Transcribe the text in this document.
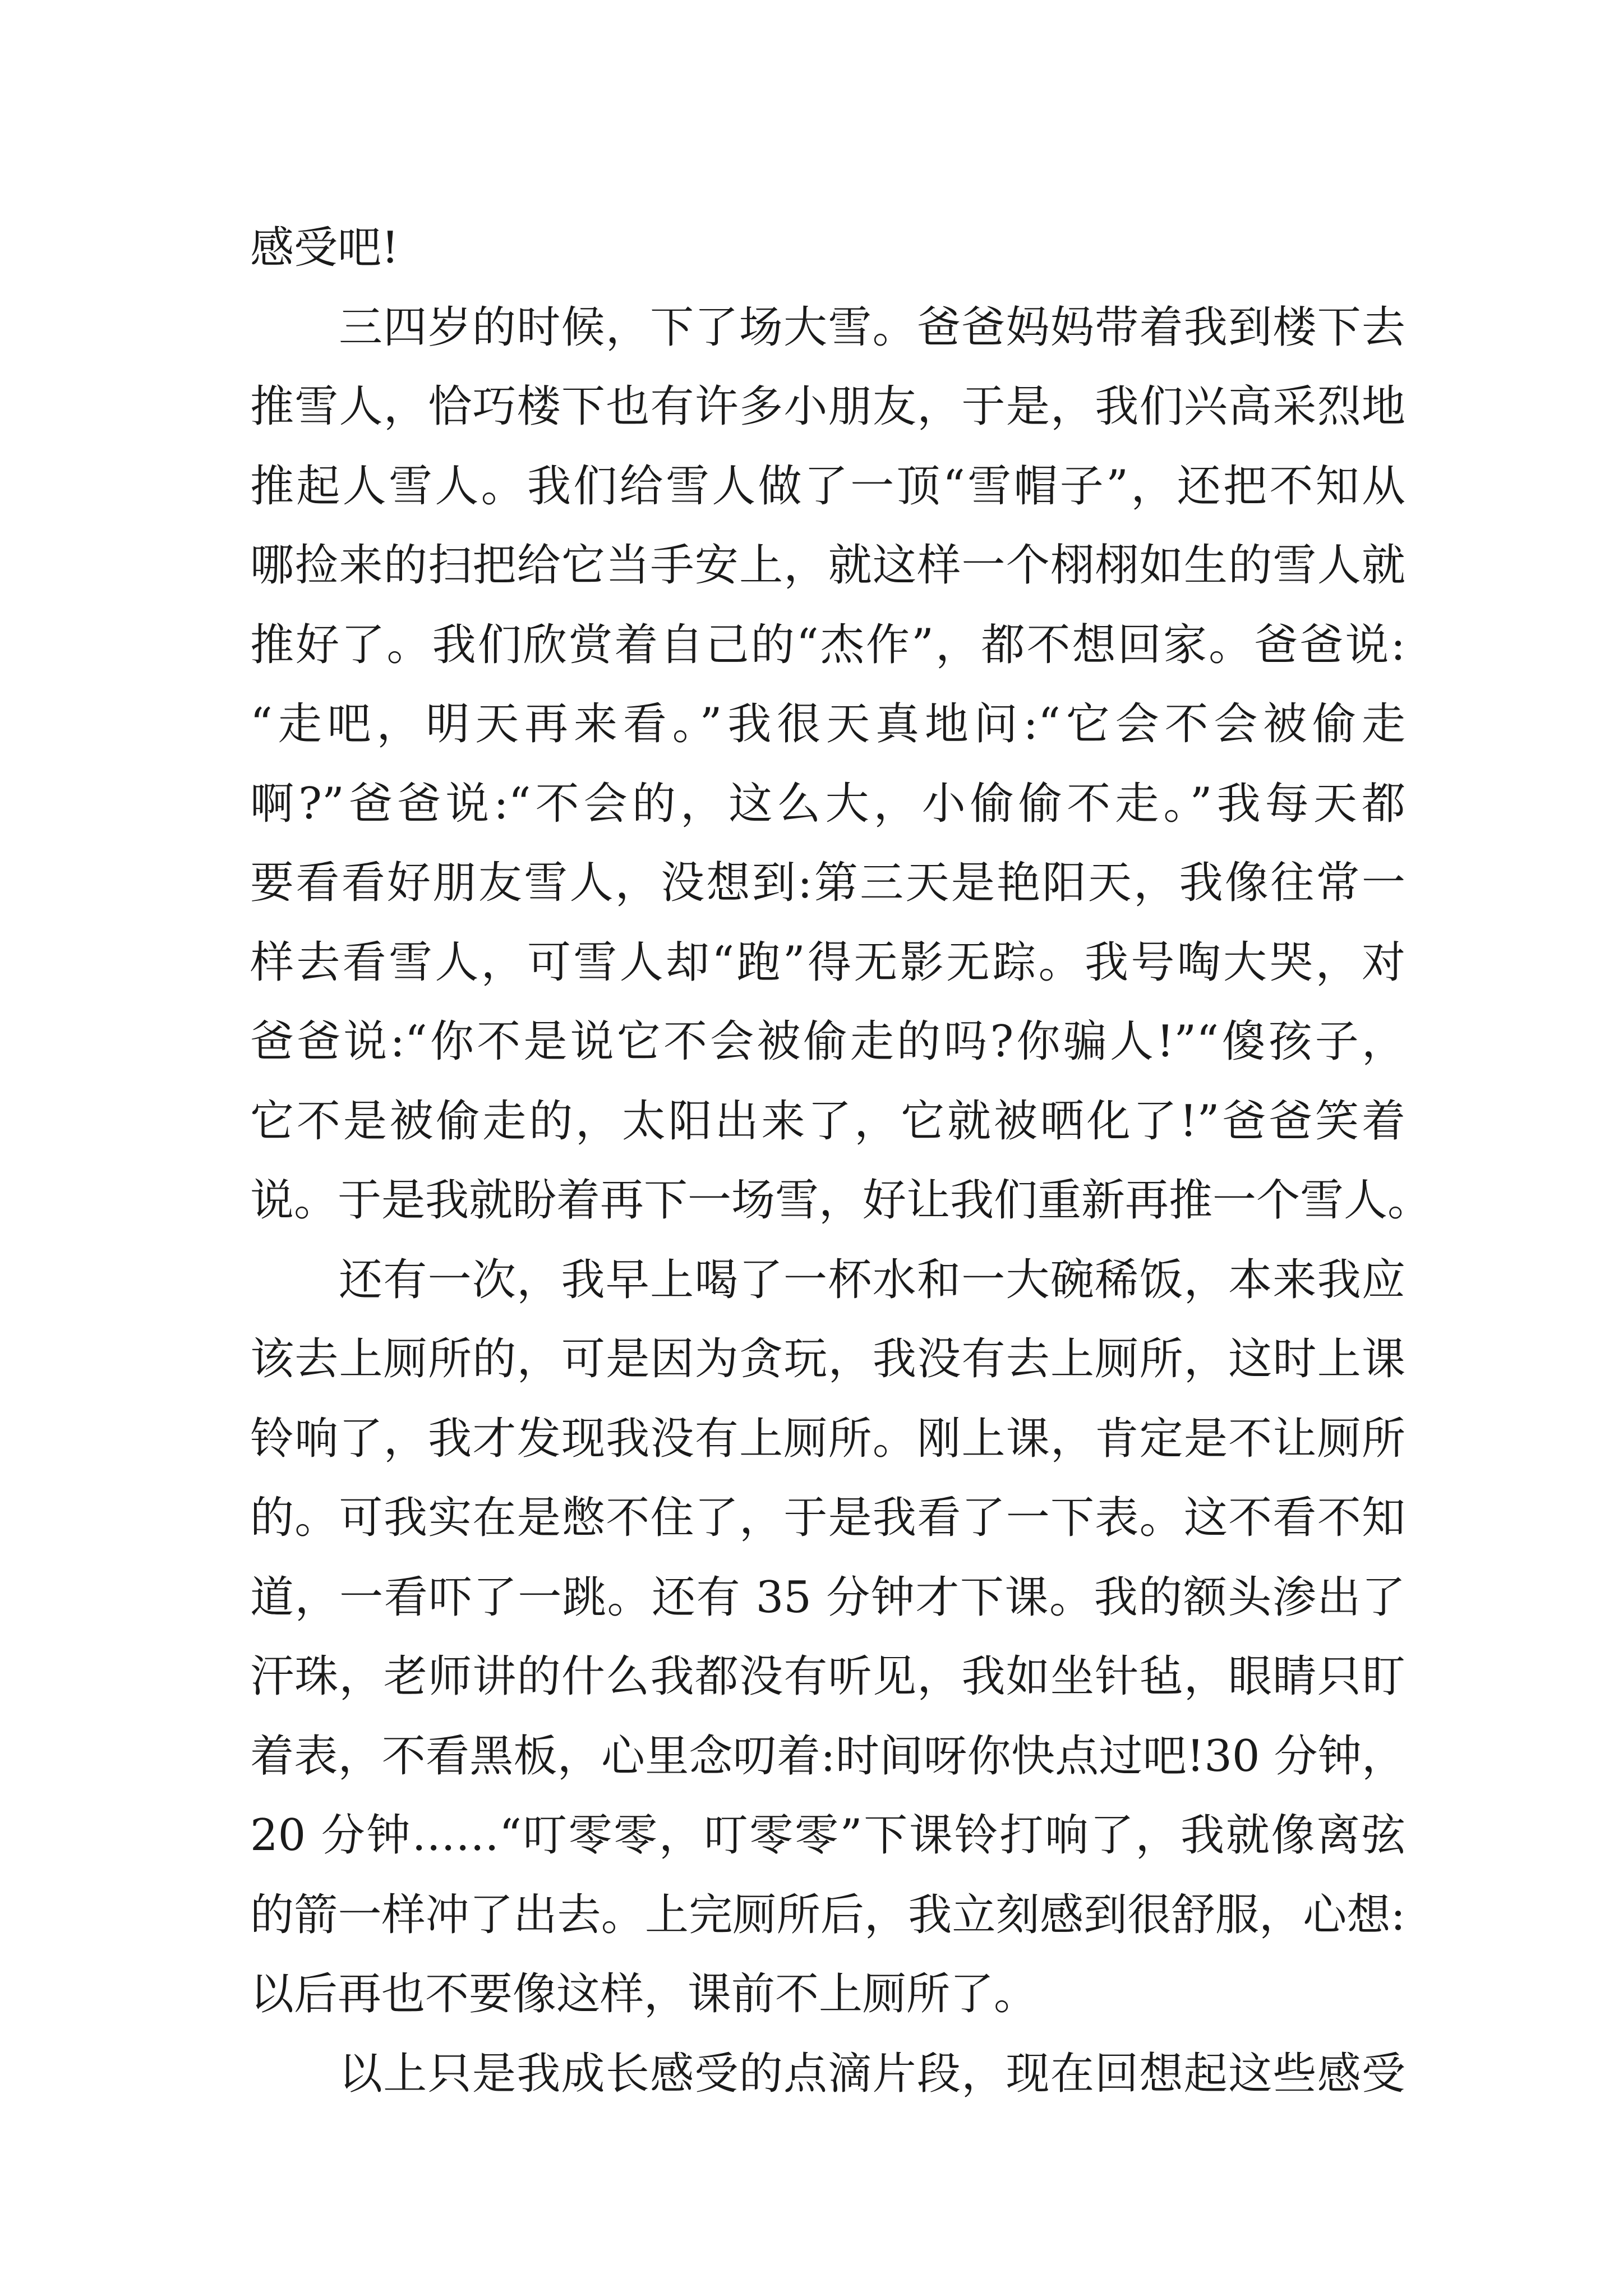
感受吧!
三四岁的时候，下了场大雪。爸爸妈妈带着我到楼下去
推雪人，恰巧楼下也有许多小朋友，于是，我们兴高采烈地
推起人雪人。我们给雪人做了一顶“雪帽子”，还把不知从
哪捡来的扫把给它当手安上，就这样一个栩栩如生的雪人就
推好了。我们欣赏着自己的“杰作”，都不想回家。爸爸说:
“走吧，明天再来看。”我很天真地问:“它会不会被偷走
啊?”爸爸说:“不会的，这么大，小偷偷不走。”我每天都
要看看好朋友雪人，没想到:第三天是艳阳天，我像往常一
样去看雪人，可雪人却“跑”得无影无踪。我号啕大哭，对
爸爸说:“你不是说它不会被偷走的吗?你骗人!”“傻孩子，
它不是被偷走的，太阳出来了，它就被晒化了!”爸爸笑着
说。于是我就盼着再下一场雪，好让我们重新再推一个雪人。
还有一次，我早上喝了一杯水和一大碗稀饭，本来我应
该去上厕所的，可是因为贪玩，我没有去上厕所，这时上课
铃响了，我才发现我没有上厕所。刚上课，肯定是不让厕所
的。可我实在是憋不住了，于是我看了一下表。这不看不知
道，一看吓了一跳。还有 35 分钟才下课。我的额头渗出了
汗珠，老师讲的什么我都没有听见，我如坐针毡，眼睛只盯
着表，不看黑板，心里念叨着:时间呀你快点过吧!30 分钟，
20 分钟……“叮零零，叮零零”下课铃打响了，我就像离弦
的箭一样冲了出去。上完厕所后，我立刻感到很舒服，心想:
以后再也不要像这样，课前不上厕所了。
以上只是我成长感受的点滴片段，现在回想起这些感受
